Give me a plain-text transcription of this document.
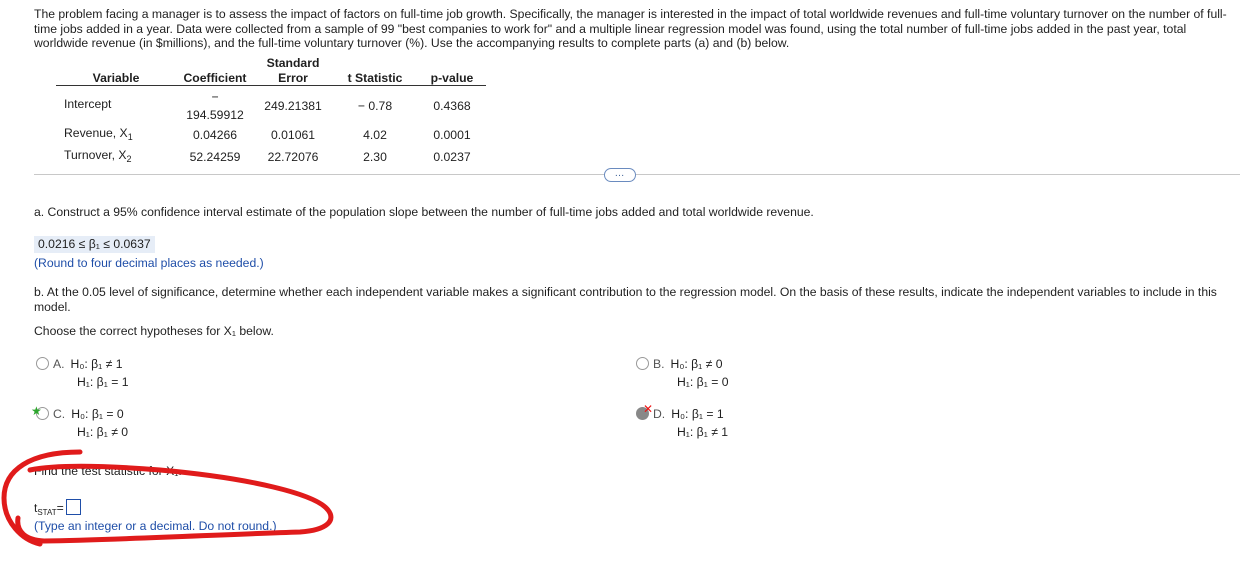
The problem facing a manager is to assess the impact of factors on full-time job growth. Specifically, the manager is interested in the impact of total worldwide revenues and full-time voluntary turnover on the number of full-time jobs added in a year. Data were collected from a sample of 99 "best companies to work for" and a multiple linear regression model was found, using the total number of full-time jobs added in the past year, total worldwide revenue (in $millions), and the full-time voluntary turnover (%). Use the accompanying results to complete parts (a) and (b) below.
		Standard		
Variable	Coefficient	Error	t Statistic	p-value
Intercept	− 194.59912	249.21381	− 0.78	0.4368
Revenue, $X_1$	0.04266	0.01061	4.02	0.0001
Turnover, $X_2$	52.24259	22.72076	2.30	0.0237
…
a. Construct a 95% confidence interval estimate of the population slope between the number of full-time jobs added and total worldwide revenue.
0.0216 ≤ β₁ ≤ 0.0637
(Round to four decimal places as needed.)
b. At the 0.05 level of significance, determine whether each independent variable makes a significant contribution to the regression model. On the basis of these results, indicate the independent variables to include in this model.
Choose the correct hypotheses for X₁ below.
A. H₀: β₁ ≠ 1
H₁: β₁ = 1
B. H₀: β₁ ≠ 0
H₁: β₁ = 0
★ C. H₀: β₁ = 0
H₁: β₁ ≠ 0
✕ D. H₀: β₁ = 1
H₁: β₁ ≠ 1
Find the test statistic for X₁.
$t_{STAT}=$
(Type an integer or a decimal. Do not round.)
